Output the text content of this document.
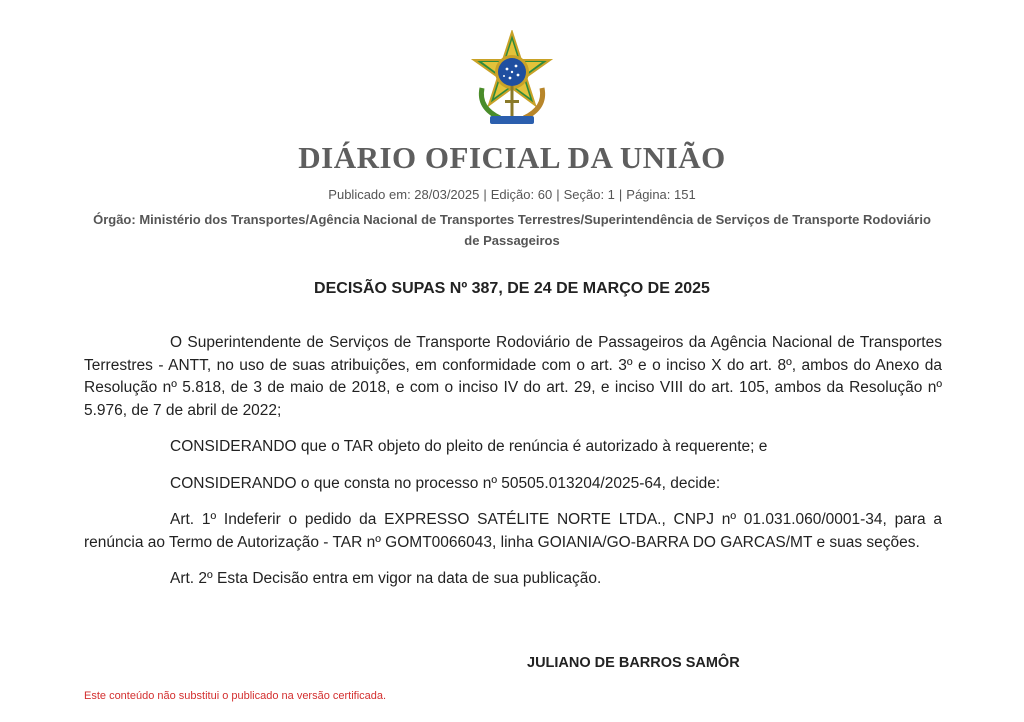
DIÁRIO OFICIAL DA UNIÃO
Publicado em: 28/03/2025 | Edição: 60 | Seção: 1 | Página: 151
Órgão: Ministério dos Transportes/Agência Nacional de Transportes Terrestres/Superintendência de Serviços de Transporte Rodoviário de Passageiros
DECISÃO SUPAS Nº 387, DE 24 DE MARÇO DE 2025

O Superintendente de Serviços de Transporte Rodoviário de Passageiros da Agência Nacional de Transportes Terrestres - ANTT, no uso de suas atribuições, em conformidade com o art. 3º e o inciso X do art. 8º, ambos do Anexo da Resolução nº 5.818, de 3 de maio de 2018, e com o inciso IV do art. 29, e inciso VIII do art. 105, ambos da Resolução nº 5.976, de 7 de abril de 2022;

CONSIDERANDO que o TAR objeto do pleito de renúncia é autorizado à requerente; e

CONSIDERANDO o que consta no processo nº 50505.013204/2025-64, decide:

Art. 1º Indeferir o pedido da EXPRESSO SATÉLITE NORTE LTDA., CNPJ nº 01.031.060/0001-34, para a renúncia ao Termo de Autorização - TAR nº GOMT0066043, linha GOIANIA/GO-BARRA DO GARCAS/MT e suas seções.

Art. 2º Esta Decisão entra em vigor na data de sua publicação.

JULIANO DE BARROS SAMÔR
Este conteúdo não substitui o publicado na versão certificada.
